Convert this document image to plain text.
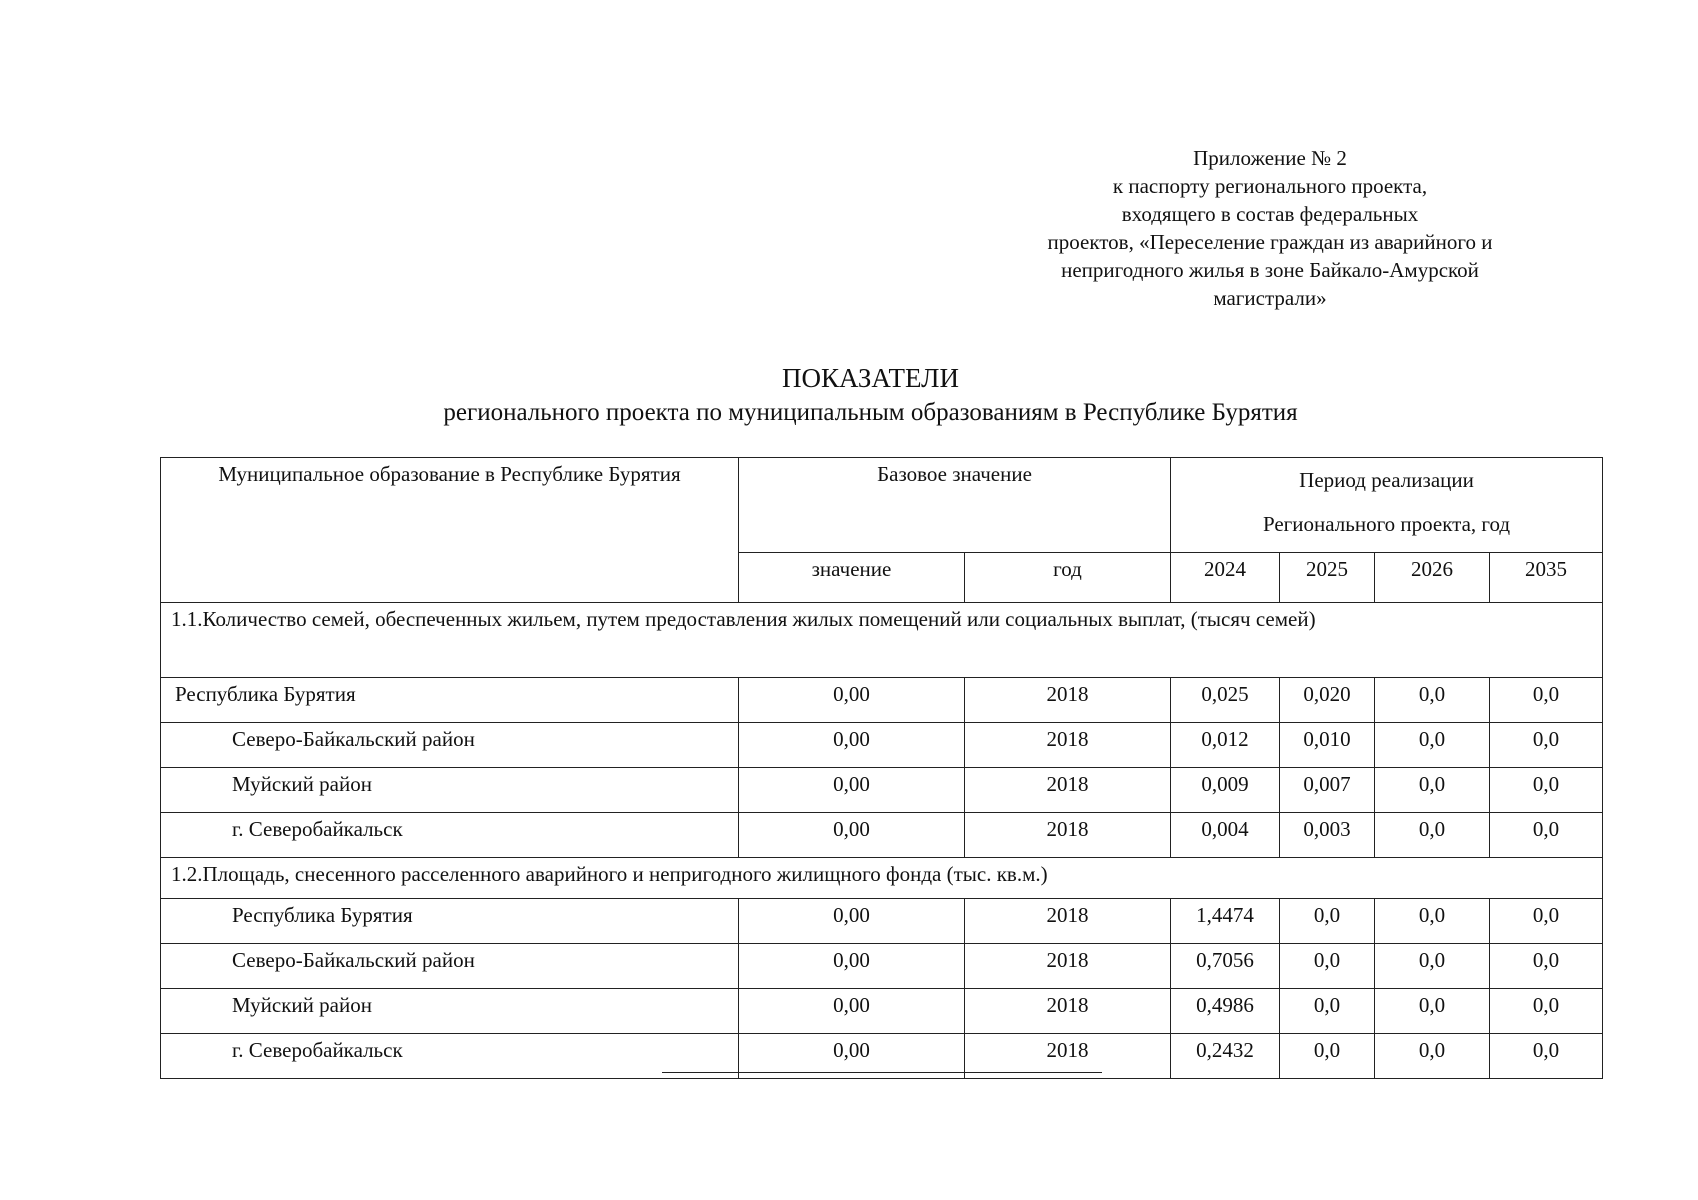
Приложение № 2
к паспорту регионального проекта,
входящего в состав федеральных
проектов, «Переселение граждан из аварийного и
непригодного жилья в зоне Байкало-Амурской
магистрали»
ПОКАЗАТЕЛИ
регионального проекта по муниципальным образованиям в Республике Бурятия
Муниципальное образование в Республике Бурятия	Базовое значение		Период реализации
Регионального проекта, год			

	значение	год	2024	2025	2026	2035
1.1.Количество семей, обеспеченных жильем, путем предоставления жилых помещений или социальных выплат, (тысяч семей)						
Республика Бурятия	0,00	2018	0,025	0,020	0,0	0,0
Северо-Байкальский район	0,00	2018	0,012	0,010	0,0	0,0
Муйский район	0,00	2018	0,009	0,007	0,0	0,0
г. Северобайкальск	0,00	2018	0,004	0,003	0,0	0,0
1.2.Площадь, снесенного расселенного аварийного и непригодного жилищного фонда (тыс. кв.м.)						
Республика Бурятия	0,00	2018	1,4474	0,0	0,0	0,0
Северо-Байкальский район	0,00	2018	0,7056	0,0	0,0	0,0
Муйский район	0,00	2018	0,4986	0,0	0,0	0,0
г. Северобайкальск	0,00	2018	0,2432	0,0	0,0	0,0
